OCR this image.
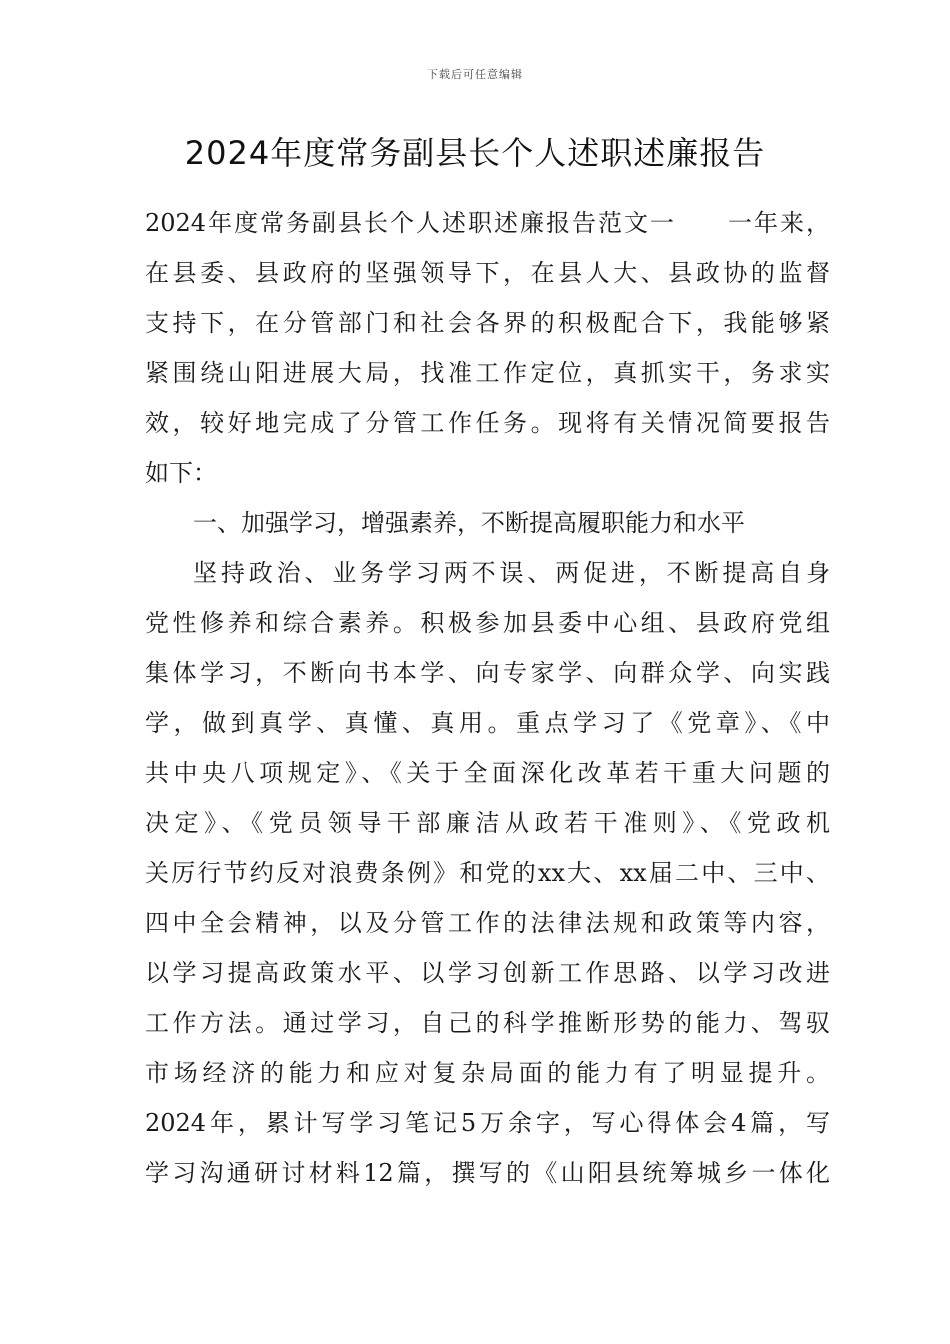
下载后可任意编辑
2024年度常务副县长个人述职述廉报告
2024年度常务副县长个人述职述廉报告范文一　　一年来，
在县委、县政府的坚强领导下，在县人大、县政协的监督
支持下，在分管部门和社会各界的积极配合下，我能够紧
紧围绕山阳进展大局，找准工作定位，真抓实干，务求实
效，较好地完成了分管工作任务。现将有关情况简要报告
如下：
一、加强学习，增强素养，不断提高履职能力和水平
坚持政治、业务学习两不误、两促进，不断提高自身
党性修养和综合素养。积极参加县委中心组、县政府党组
集体学习，不断向书本学、向专家学、向群众学、向实践
学，做到真学、真懂、真用。重点学习了《党章》、《中
共中央八项规定》、《关于全面深化改革若干重大问题的
决定》、《党员领导干部廉洁从政若干准则》、《党政机
关厉行节约反对浪费条例》和党的xx大、xx届二中、三中、
四中全会精神，以及分管工作的法律法规和政策等内容，
以学习提高政策水平、以学习创新工作思路、以学习改进
工作方法。通过学习，自己的科学推断形势的能力、驾驭
市场经济的能力和应对复杂局面的能力有了明显提升。
2024年，累计写学习笔记5万余字，写心得体会4篇，写
学习沟通研讨材料12篇，撰写的《山阳县统筹城乡一体化
